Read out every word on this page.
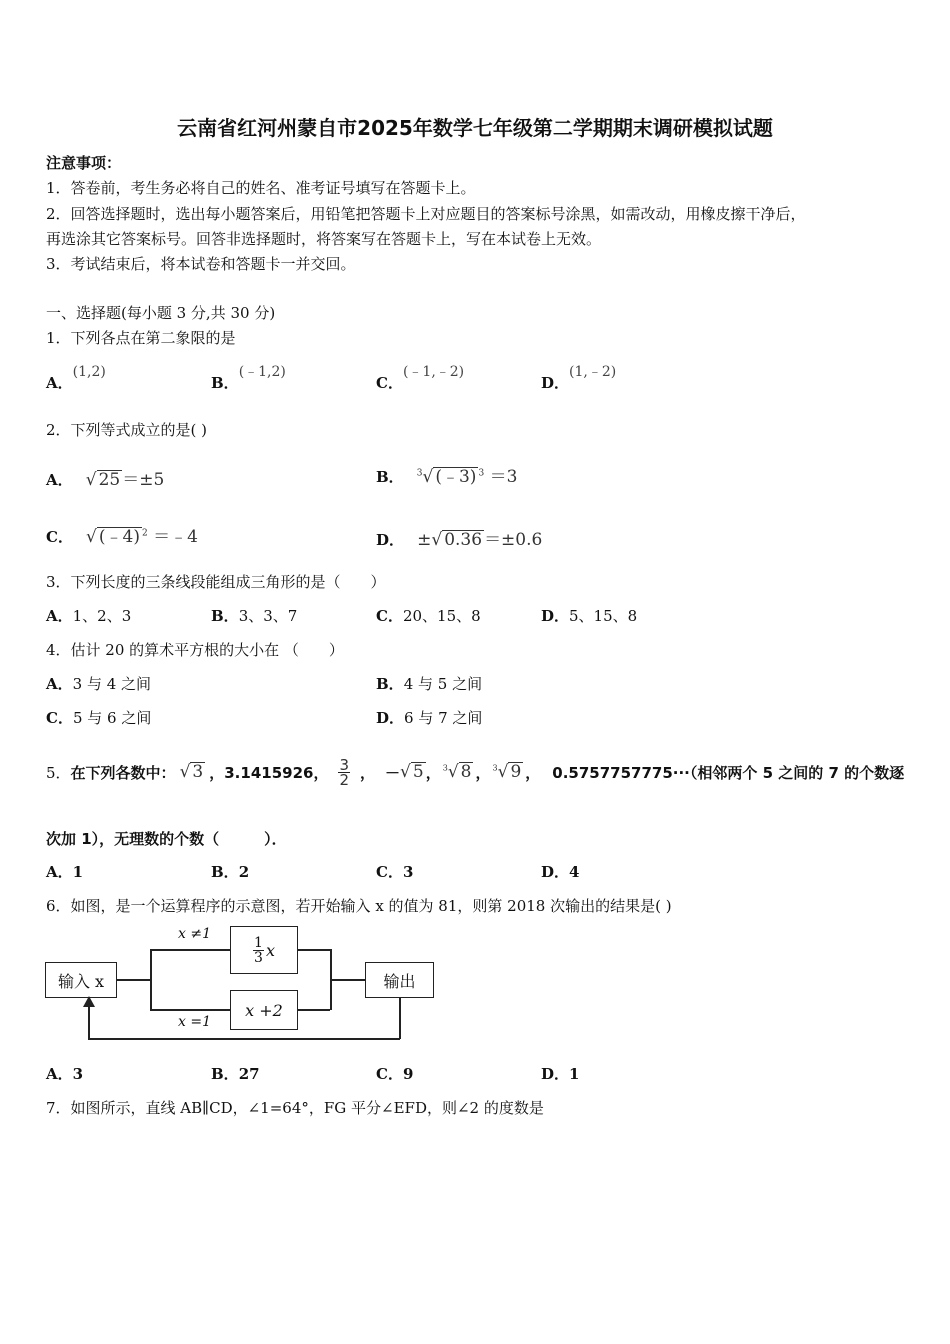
云南省红河州蒙自市2025年数学七年级第二学期期末调研模拟试题
注意事项：
1．答卷前，考生务必将自己的姓名、准考证号填写在答题卡上。
2．回答选择题时，选出每小题答案后，用铅笔把答题卡上对应题目的答案标号涂黑，如需改动，用橡皮擦干净后，
再选涂其它答案标号。回答非选择题时，将答案写在答题卡上，写在本试卷上无效。
3．考试结束后，将本试卷和答题卡一并交回。
一、选择题(每小题 3 分,共 30 分)
1．下列各点在第二象限的是
A．(1,2)
B．(﹣1,2)
C．(﹣1,﹣2)
D．(1,﹣2)
2．下列等式成立的是( )
A． √ 25 ＝±5	B． $^3$√ (﹣3) $^3$ ＝3
C． √ (﹣4) $^2$ ＝﹣4	D． ±√ 0.36 ＝±0.6
3．下列长度的三条线段能组成三角形的是（　　）
A．1、2、3	B．3、3、7	C．20、15、8	D．5、15、8
4．估计 20 的算术平方根的大小在 （　　）
A．3 与 4 之间	B．4 与 5 之间
C．5 与 6 之间	D．6 与 7 之间
5． 在下列各数中： √ 3 ， 3.1415926， $\frac{3}{2}$ ， － √ 5 ， $^3$√ 8 ， $^3$√ 9 ， 0.5757757775···（相邻两个 5 之间的 7 的个数逐
次加 1），无理数的个数（　　　）．
A．1	B．2	C．3	D．4
6．如图，是一个运算程序的示意图，若开始输入 x 的值为 81，则第 2018 次输出的结果是( )
输入 x
x ≠1
x =1
$\frac{1}{3}$ x
x +2
输出
A．3	B．27	C．9	D．1
7．如图所示，直线 AB∥CD，∠1=64°，FG 平分∠EFD，则∠2 的度数是
